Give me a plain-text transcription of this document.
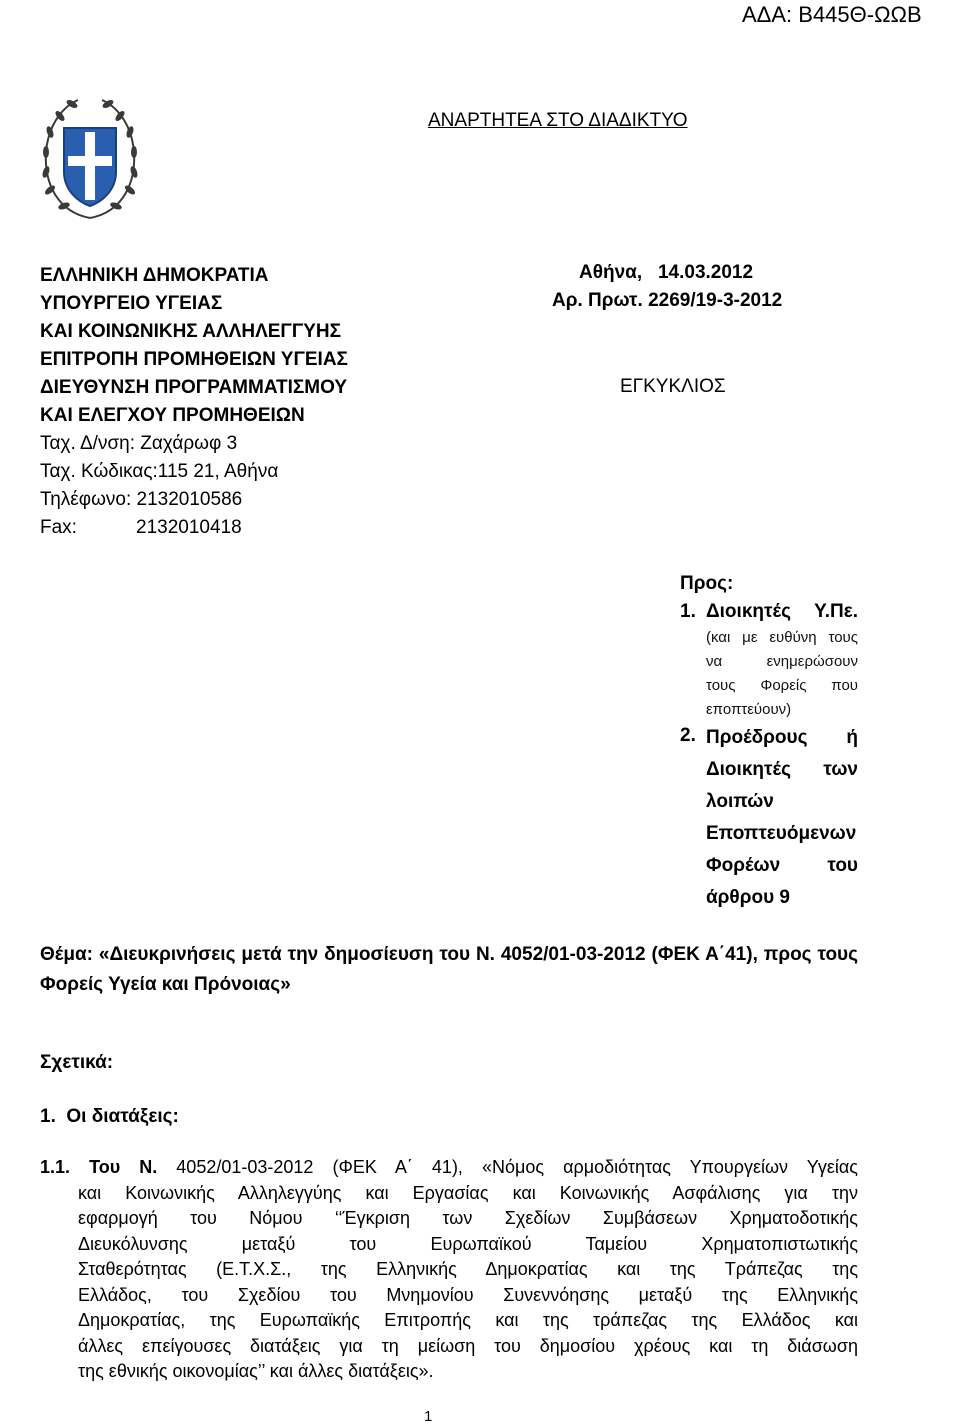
ΑΔΑ: Β445Θ-ΩΩΒ
ΑΝΑΡΤΗΤΕΑ ΣΤΟ ΔΙΑΔΙΚΤΥΟ
ΕΛΛΗΝΙΚΗ ΔΗΜΟΚΡΑΤΙΑ
ΥΠΟΥΡΓΕΙΟ ΥΓΕΙΑΣ
ΚΑΙ ΚΟΙΝΩΝΙΚΗΣ ΑΛΛΗΛΕΓΓΥΗΣ
ΕΠΙΤΡΟΠΗ ΠΡΟΜΗΘΕΙΩΝ ΥΓΕΙΑΣ
ΔΙΕΥΘΥΝΣΗ ΠΡΟΓΡΑΜΜΑΤΙΣΜΟΥ
ΚΑΙ ΕΛΕΓΧΟΥ ΠΡΟΜΗΘΕΙΩΝ
Ταχ. Δ/νση: Ζαχάρωφ 3
Ταχ. Κώδικας:115 21, Αθήνα
Τηλέφωνο: 2132010586
Fax:	2132010418
Αθήνα,   14.03.2012
Αρ. Πρωτ. 2269/19-3-2012
ΕΓΚΥΚΛΙΟΣ
Προς:
1. Διοικητές   Υ.Πε.
(και με ευθύνη τους
να ενημερώσουν
τους Φορείς που
εποπτεύουν)
2. Προέδρους ή
Διοικητές των
λοιπών
Εποπτευόμενων
Φορέων του
άρθρου 9
Θέμα: «Διευκρινήσεις μετά την δημοσίευση του Ν. 4052/01-03-2012 (ΦΕΚ Α΄41), προς τους Φορείς Υγεία και Πρόνοιας»
Σχετικά:
1.  Οι διατάξεις:
1.1. Του Ν. 4052/01-03-2012 (ΦΕΚ Α΄ 41), «Νόμος αρμοδιότητας Υπουργείων Υγείας
και Κοινωνικής Αλληλεγγύης και Εργασίας και Κοινωνικής Ασφάλισης για την
εφαρμογή του Νόμου ‘‘Έγκριση των Σχεδίων Συμβάσεων Χρηματοδοτικής
Διευκόλυνσης μεταξύ του Ευρωπαϊκού Ταμείου Χρηματοπιστωτικής
Σταθερότητας (Ε.Τ.Χ.Σ., της Ελληνικής Δημοκρατίας και της Τράπεζας της
Ελλάδος, του Σχεδίου του Μνημονίου Συνεννόησης μεταξύ της Ελληνικής
Δημοκρατίας, της Ευρωπαϊκής Επιτροπής και της τράπεζας της Ελλάδος και
άλλες επείγουσες διατάξεις για τη μείωση του δημοσίου χρέους και τη διάσωση
της εθνικής οικονομίας’’ και άλλες διατάξεις».
1
